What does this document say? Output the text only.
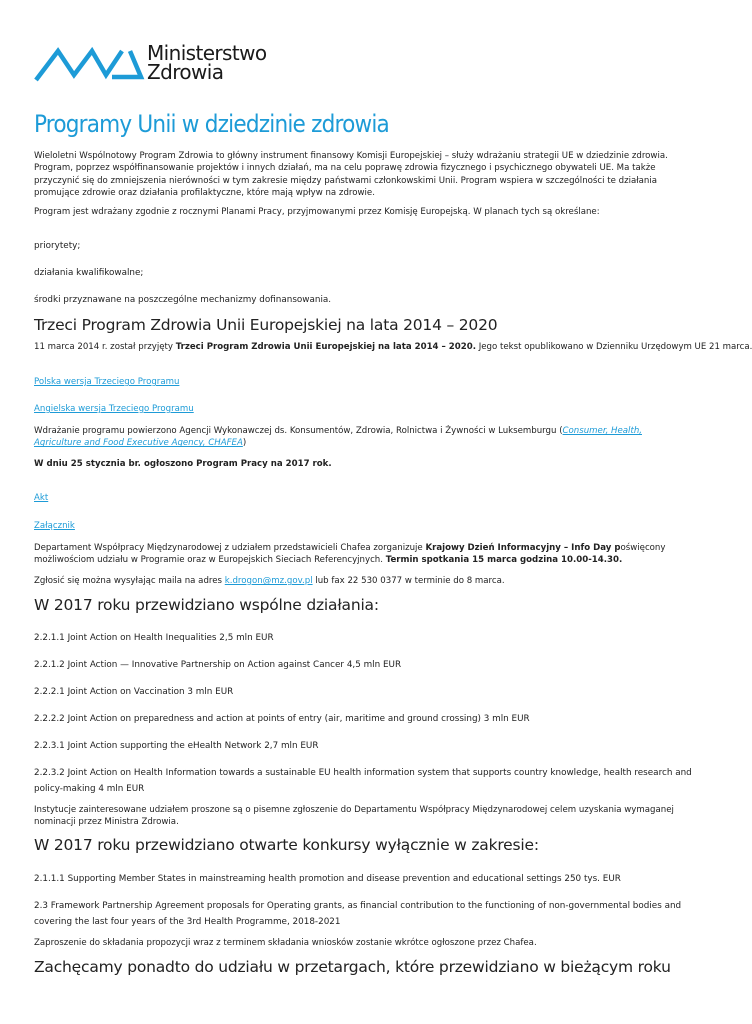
Ministerstwo
Zdrowia
Programy Unii w dziedzinie zdrowia

Wieloletni Wspólnotowy Program Zdrowia to główny instrument finansowy Komisji Europejskiej – służy wdrażaniu strategii UE w dziedzinie zdrowia. Program, poprzez współfinansowanie projektów i innych działań, ma na celu poprawę zdrowia fizycznego i psychicznego obywateli UE. Ma także przyczynić się do zmniejszenia nierówności w tym zakresie między państwami członkowskimi Unii. Program wspiera w szczególności te działania promujące zdrowie oraz działania profilaktyczne, które mają wpływ na zdrowie.

Program jest wdrażany zgodnie z rocznymi Planami Pracy, przyjmowanymi przez Komisję Europejską. W planach tych są określane:

priorytety;

działania kwalifikowalne;

środki przyznawane na poszczególne mechanizmy dofinansowania.

Trzeci Program Zdrowia Unii Europejskiej na lata 2014 – 2020

11 marca 2014 r. został przyjęty Trzeci Program Zdrowia Unii Europejskiej na lata 2014 – 2020. Jego tekst opublikowano w Dzienniku Urzędowym UE 21 marca.

Polska wersja Trzeciego Programu

Angielska wersja Trzeciego Programu

Wdrażanie programu powierzono Agencji Wykonawczej ds. Konsumentów, Zdrowia, Rolnictwa i Żywności w Luksemburgu (Consumer, Health, Agriculture and Food Executive Agency, CHAFEA)

W dniu 25 stycznia br. ogłoszono Program Pracy na 2017 rok.

Akt

Załącznik

Departament Współpracy Międzynarodowej z udziałem przedstawicieli Chafea zorganizuje Krajowy Dzień Informacyjny – Info Day poświęcony możliwościom udziału w Programie oraz w Europejskich Sieciach Referencyjnych. Termin spotkania 15 marca godzina 10.00-14.30.

Zgłosić się można wysyłając maila na adres k.drogon@mz.gov.pl lub fax 22 530 0377 w terminie do 8 marca.

W 2017 roku przewidziano wspólne działania:

2.2.1.1 Joint Action on Health Inequalities 2,5 mln EUR

2.2.1.2 Joint Action — Innovative Partnership on Action against Cancer 4,5 mln EUR

2.2.2.1 Joint Action on Vaccination 3 mln EUR

2.2.2.2 Joint Action on preparedness and action at points of entry (air, maritime and ground crossing) 3 mln EUR

2.2.3.1 Joint Action supporting the eHealth Network 2,7 mln EUR

2.2.3.2 Joint Action on Health Information towards a sustainable EU health information system that supports country knowledge, health research and

policy-making 4 mln EUR

Instytucje zainteresowane udziałem proszone są o pisemne zgłoszenie do Departamentu Współpracy Międzynarodowej celem uzyskania wymaganej nominacji przez Ministra Zdrowia.

W 2017 roku przewidziano otwarte konkursy wyłącznie w zakresie:

2.1.1.1 Supporting Member States in mainstreaming health promotion and disease prevention and educational settings 250 tys. EUR

2.3 Framework Partnership Agreement proposals for Operating grants, as financial contribution to the functioning of non-governmental bodies and

covering the last four years of the 3rd Health Programme, 2018-2021

Zaproszenie do składania propozycji wraz z terminem składania wniosków zostanie wkrótce ogłoszone przez Chafea.

Zachęcamy ponadto do udziału w przetargach, które przewidziano w bieżącym roku
